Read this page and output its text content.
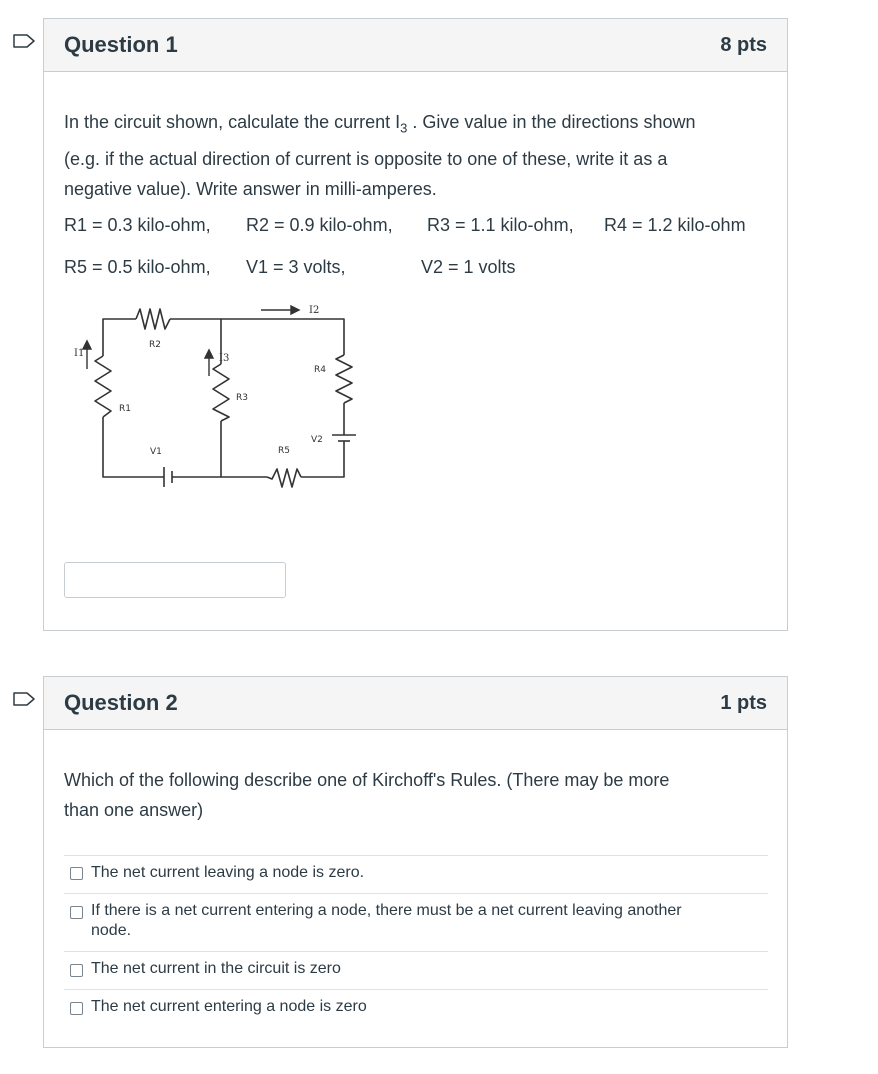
Question 1	8 pts
In the circuit shown, calculate the current $I_3$ . Give value in the directions shown
(e.g. if the actual direction of current is opposite to one of these, write it as a
negative value). Write answer in milli-amperes.
R1 = 0.3 kilo-ohm, R2 = 0.9 kilo-ohm, R3 = 1.1 kilo-ohm, R4 = 1.2 kilo-ohm
R5 = 0.5 kilo-ohm, V1 = 3 volts,	V2 = 1 volts
I1	I3
I2
R2
R1
R3
R4
V1	R5
V2
Question 2	1 pts
Which of the following describe one of Kirchoff's Rules. (There may be more
than one answer)
The net current leaving a node is zero.
If there is a net current entering a node, there must be a net current leaving another
node.
The net current in the circuit is zero
The net current entering a node is zero
